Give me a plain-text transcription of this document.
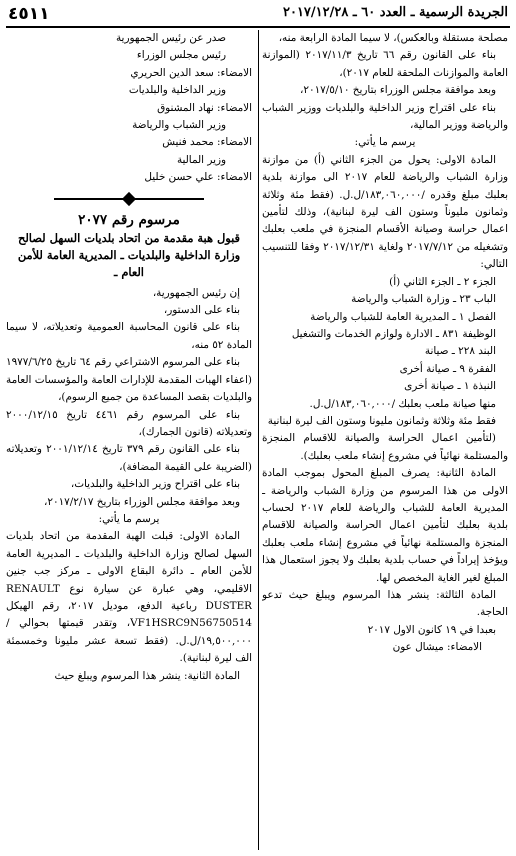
٤٥١١	الجريدة الرسمية ـ العدد ٦٠ ـ ٢٠١٧/١٢/٢٨

مصلحة مستقلة وبالعكس)، لا سيما المادة الرابعة منه،

بناء على القانون رقم ٦٦ تاريخ ٢٠١٧/١١/٣ (الموازنة العامة والموازنات الملحقة للعام ٢٠١٧)،

وبعد موافقة مجلس الوزراء بتاريخ ٢٠١٧/٥/١٠،

بناء على اقتراح وزير الداخلية والبلديات ووزير الشباب والرياضة ووزير المالية،

يرسم ما يأتي:

المادة الاولى: يحول من الجزء الثاني (أ) من موازنة وزارة الشباب والرياضة للعام ٢٠١٧ الى موازنة بلدية بعلبك مبلغ وقدره /١٨٣,٠٦٠,٠٠٠/ل.ل. (فقط مئة وثلاثة وثمانون مليوناً وستون الف ليرة لبنانية)، وذلك لتأمين اعمال حراسة وصيانة الأقسام المنجزة في ملعب بعلبك وتشغيله من ٢٠١٧/٧/١٢ ولغاية ٢٠١٧/١٢/٣١ وفقا للتنسيب التالي:

الجزء ٢ ـ الجزء الثاني (أ)

الباب ٢٣ ـ وزارة الشباب والرياضة

الفصل ١ ـ المديرية العامة للشباب والرياضة

الوظيفة ٨٣١ ـ الادارة ولوازم الخدمات والتشغيل

البند ٢٢٨ ـ صيانة

الفقرة ٩ ـ صيانة أخرى

النبذة ١ ـ صيانة أخرى

منها صيانة ملعب بعلبك /١٨٣,٠٦٠,٠٠٠/ل.ل.

فقط مئة وثلاثة وثمانون مليونا وستون الف ليرة لبنانية

(لتأمين اعمال الحراسة والصيانة للاقسام المنجزة والمستلمة نهائياً في مشروع إنشاء ملعب بعلبك).

المادة الثانية: يصرف المبلغ المحول بموجب المادة الاولى من هذا المرسوم من وزارة الشباب والرياضة ـ المديرية العامة للشباب والرياضة للعام ٢٠١٧ لحساب بلدية بعلبك لتأمين اعمال الحراسة والصيانة للاقسام المنجزة والمستلمة نهائياً في مشروع إنشاء ملعب بعلبك ويؤخذ إيراداً في حساب بلدية بعلبك ولا يجوز استعمال هذا المبلغ لغير الغاية المخصص لها.

المادة الثالثة: ينشر هذا المرسوم ويبلغ حيث تدعو الحاجة.

بعبدا في ١٩ كانون الاول ٢٠١٧

الامضاء: ميشال عون

صدر عن رئيس الجمهورية

رئيس مجلس الوزراء

الامضاء: سعد الدين الحريري

وزير الداخلية والبلديات

الامضاء: نهاد المشنوق

وزير الشباب والرياضة

الامضاء: محمد فنيش

وزير المالية

الامضاء: علي حسن خليل

مرسوم رقم ٢٠٧٧
قبول هبة مقدمة من اتحاد بلديات السهل لصالح وزارة الداخلية والبلديات ـ المديرية العامة للأمن العام ـ

إن رئيس الجمهورية،

بناء على الدستور،

بناء على قانون المحاسبة العمومية وتعديلاته، لا سيما المادة ٥٢ منه،

بناء على المرسوم الاشتراعي رقم ٦٤ تاريخ ١٩٧٧/٦/٢٥ (اعفاء الهبات المقدمة للإدارات العامة والمؤسسات العامة والبلديات بقصد المساعدة من جميع الرسوم)،

بناء على المرسوم رقم ٤٤٦١ تاريخ ٢٠٠٠/١٢/١٥ وتعديلاته (قانون الجمارك)،

بناء على القانون رقم ٣٧٩ تاريخ ٢٠٠١/١٢/١٤ وتعديلاته (الضريبة على القيمة المضافة)،

بناء على اقتراح وزير الداخلية والبلديات،

وبعد موافقة مجلس الوزراء بتاريخ ٢٠١٧/٢/١٧،

يرسم ما يأتي:

المادة الاولى: قبلت الهبة المقدمة من اتحاد بلديات السهل لصالح وزارة الداخلية والبلديات ـ المديرية العامة للأمن العام ـ دائرة البقاع الاولى ـ مركز جب جنين الاقليمي، وهي عبارة عن سيارة نوع RENAULT DUSTER رباعية الدفع، موديل ٢٠١٧، رقم الهيكل VF1HSRC9N56750514، وتقدر قيمتها بحوالي /١٩,٥٠٠,٠٠٠/ل.ل. (فقط تسعة عشر مليونا وخمسمئة الف ليرة لبنانية).

المادة الثانية: ينشر هذا المرسوم ويبلغ حيث
